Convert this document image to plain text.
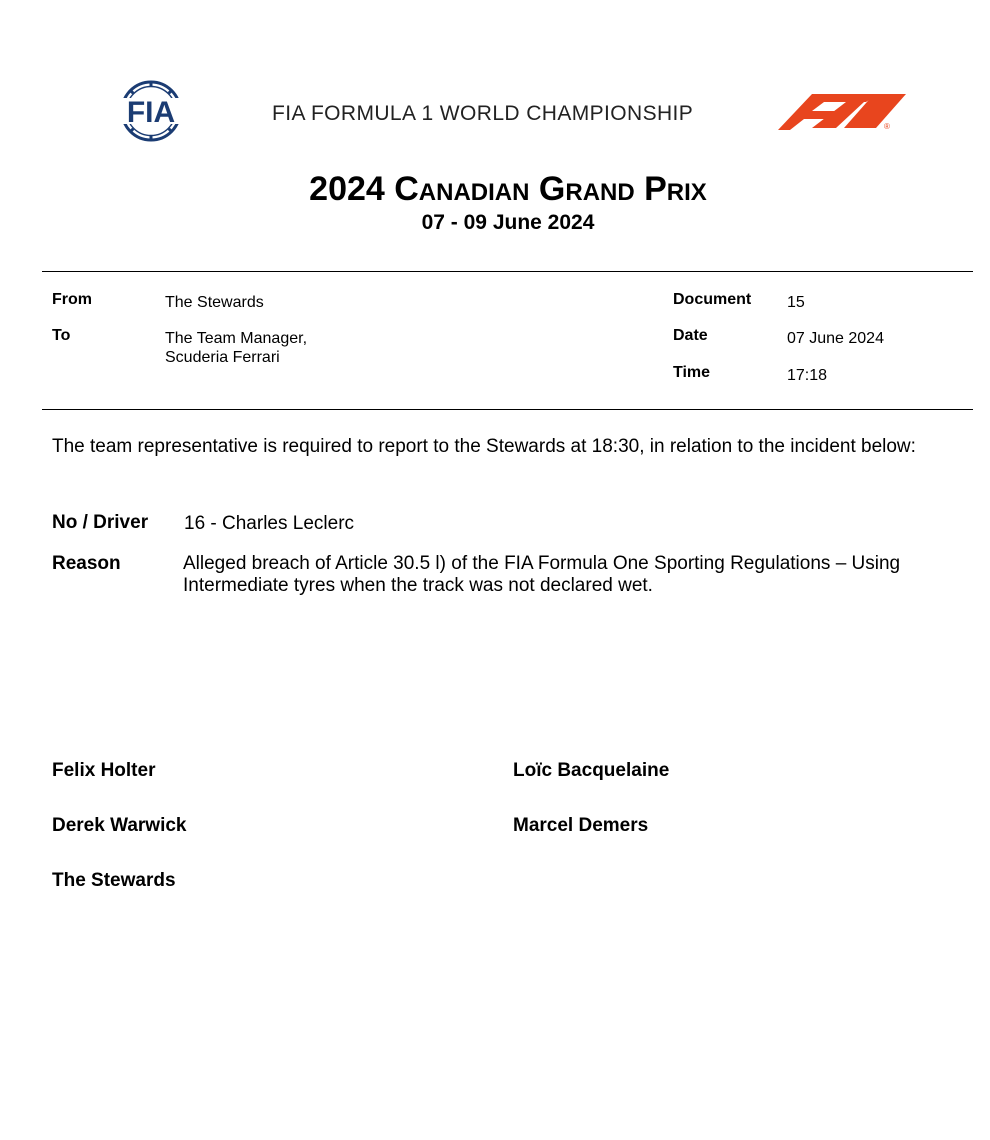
FIA	FIA FORMULA 1 WORLD CHAMPIONSHIP
®
2024 Canadian Grand Prix
07 - 09 June 2024
From	The Stewards
To	The Team Manager,
Scuderia Ferrari
Document 15
Date	07 June 2024
Time	17:18
The team representative is required to report to the Stewards at 18:30, in relation to the incident below:
No / Driver 16 - Charles Leclerc
Reason	Alleged breach of Article 30.5 l) of the FIA Formula One Sporting Regulations – Using Intermediate tyres when the track was not declared wet.
Felix Holter	Loïc Bacquelaine
Derek Warwick	Marcel Demers
The Stewards
